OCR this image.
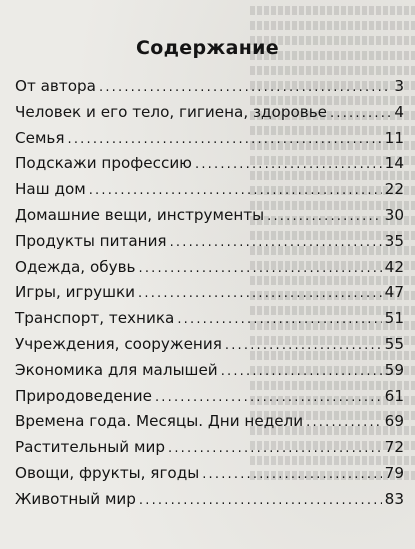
Содержание
От автора .....	3
Человек и его тело, гигиена, здоровье .....	4
Семья .....	11
Подскажи профессию .....	14
Наш дом .....	22
Домашние вещи, инструменты .....	30
Продукты питания .....	35
Одежда, обувь .....	42
Игры, игрушки .....	47
Транспорт, техника .....	51
Учреждения, сооружения .....	55
Экономика для малышей .....	59
Природоведение .....	61
Времена года. Месяцы. Дни недели .....	69
Растительный мир .....	72
Овощи, фрукты, ягоды .....	79
Животный мир .....	83
